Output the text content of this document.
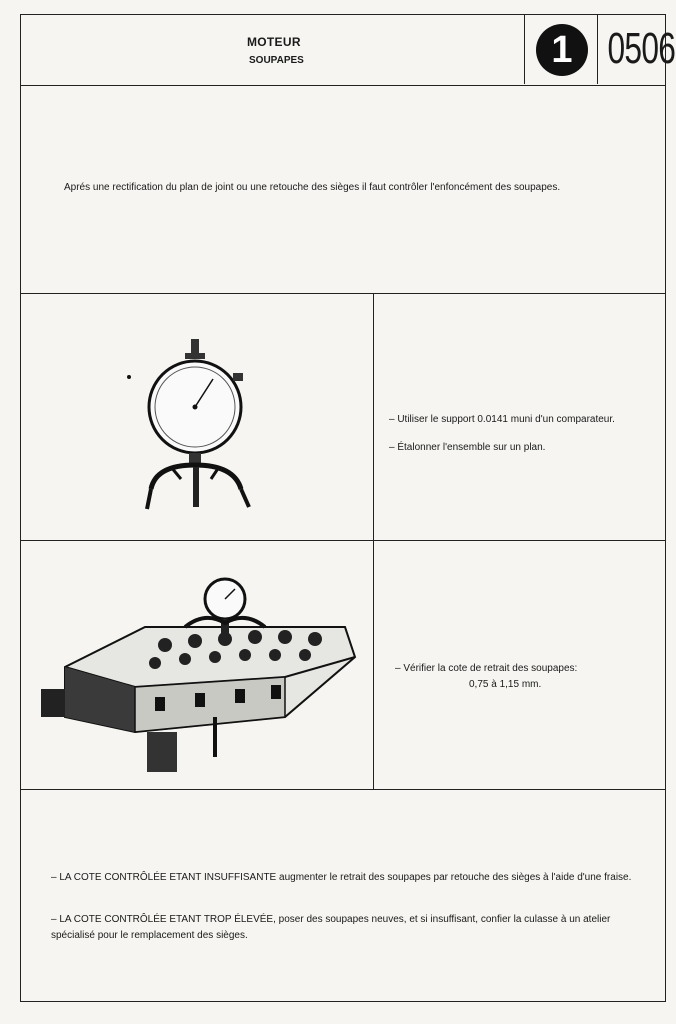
MOTEUR
SOUPAPES	1 0506
Aprés une rectification du plan de joint ou une retouche des sièges il faut contrôler l'enfoncément des soupapes.
– Utiliser le support 0.0141 muni d'un comparateur.
– Étalonner l'ensemble sur un plan.
– Vérifier la cote de retrait des soupapes:
0,75 à 1,15 mm.
– LA COTE CONTRÔLÉE ETANT INSUFFISANTE augmenter le retrait des soupapes par retouche des sièges à l'aide d'une fraise.
– LA COTE CONTRÔLÉE ETANT TROP ÉLEVÉE, poser des soupapes neuves, et si insuffisant, confier la culasse à un atelier spécialisé pour le remplacement des sièges.
